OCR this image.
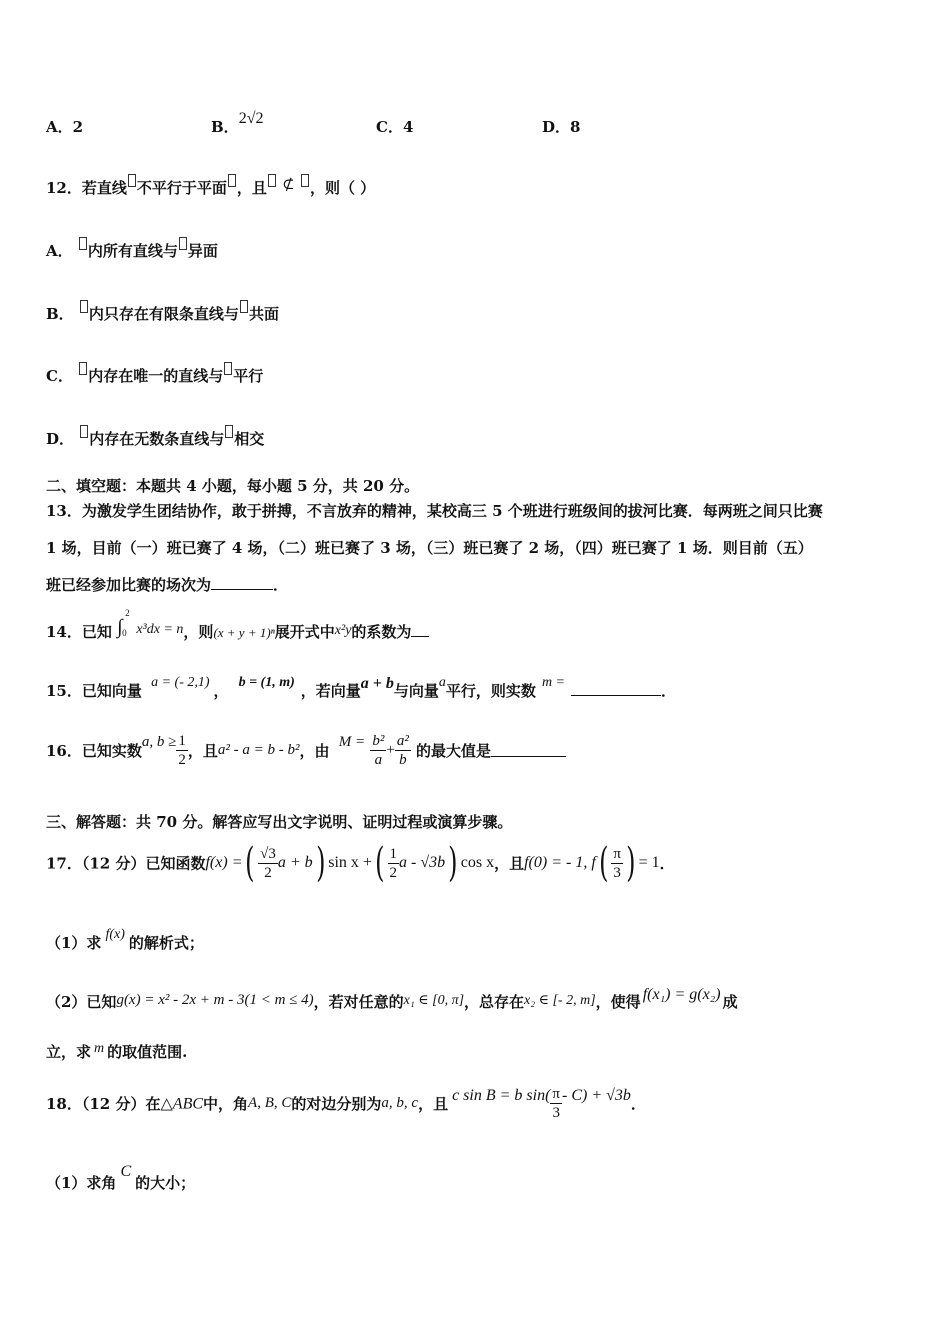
A．2	B．2√2	C．4	D．8
12．若直线 不平行于平面 ，且 ⊄ ，则（ ）
A． 内所有直线与 异面
B． 内只存在有限条直线与 共面
C． 内存在唯一的直线与 平行
D． 内存在无数条直线与 相交
二、填空题：本题共 4 小题，每小题 5 分，共 20 分。
13．为激发学生团结协作，敢于拼搏，不言放弃的精神，某校高三 5 个班进行班级间的拔河比赛．每两班之间只比赛
1 场，目前（一）班已赛了 4 场，（二）班已赛了 3 场，（三）班已赛了 2 场，（四）班已赛了 1 场．则目前（五）
班已经参加比赛的场次为	．
14．已知 ∫
2
0 x³dx = n，则(x + y + 1)ⁿ展开式中x²y的系数为
15．已知向量 a = (- 2,1) ， b = (1, m) ，若向量a + b与向量a平行，则实数 m =	．
16．已知实数a, $b \ge \frac{1}{2}$ ，且a² - a = b - b²，由 $M = \frac{\text{b²}}{a} + \frac{\text{a²}}{b}$ 的最大值是
三、解答题：共 70 分。解答应写出文字说明、证明过程或演算步骤。
17．（12 分）已知函数f(x) =( $\frac{√3}{2}$ a + b) sin x +( $\frac{1}{2}$ a - √3b) cos x，且f(0) = - 1, $f( \frac{\pi}{3}$ ) = 1．
（1）求 f(x) 的解析式；
（2）已知g(x) = x² - 2x + m - 3(1 < m ≤ 4)，若对任意的x₁ ∈ [0, π]，总存在x₂ ∈ [- 2, m]，使得 f(x₁) = g(x₂) 成
立，求 m 的取值范围.
18．（12 分）在△ABC中，角A, B, C的对边分别为a, b, c，且 c sin B = b $\sin( \frac{\pi}{3} - C) + √3b$．
（1）求角C的大小；
